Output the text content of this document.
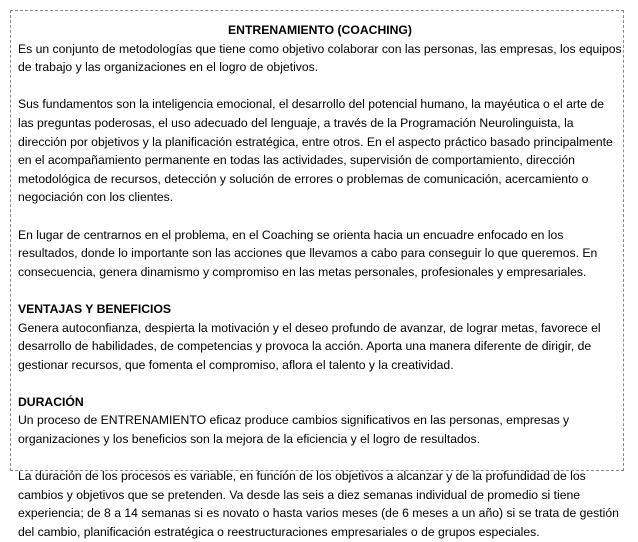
ENTRENAMIENTO (COACHING)

Es un conjunto de metodologías que tiene como objetivo colaborar con las personas, las empresas, los equipos de trabajo y las organizaciones en el logro de objetivos.

Sus fundamentos son la inteligencia emocional, el desarrollo del potencial humano, la mayéutica o el arte de las preguntas poderosas, el uso adecuado del lenguaje, a través de la Programación Neurolinguista, la dirección por objetivos y la planificación estratégica, entre otros. En el aspecto práctico basado principalmente en el acompañamiento permanente en todas las actividades, supervisión de comportamiento, dirección metodológica de recursos, detección y solución de errores o problemas de comunicación, acercamiento o negociación con los clientes.

En lugar de centrarnos en el problema, en el Coaching se orienta hacia un encuadre enfocado en los resultados, donde lo importante son las acciones que llevamos a cabo para conseguir lo que queremos. En consecuencia, genera dinamismo y compromiso en las metas personales, profesionales y empresariales.

VENTAJAS Y BENEFICIOS

Genera autoconfianza, despierta la motivación y el deseo profundo de avanzar, de lograr metas, favorece el desarrollo de habilidades, de competencias y provoca la acción. Aporta una manera diferente de dirigir, de gestionar recursos, que fomenta el compromiso, aflora el talento y la creatividad.

DURACIÓN

Un proceso de ENTRENAMIENTO eficaz produce cambios significativos en las personas, empresas y organizaciones y los beneficios son la mejora de la eficiencia y el logro de resultados.

La duración de los procesos es variable, en función de los objetivos a alcanzar y de la profundidad de los cambios y objetivos que se pretenden. Va desde las seis a diez semanas individual de promedio si tiene experiencia; de 8 a 14 semanas si es novato o hasta varios meses (de 6 meses a un año) si se trata de gestión del cambio, planificación estratégica o reestructuraciones empresariales o de grupos especiales.
